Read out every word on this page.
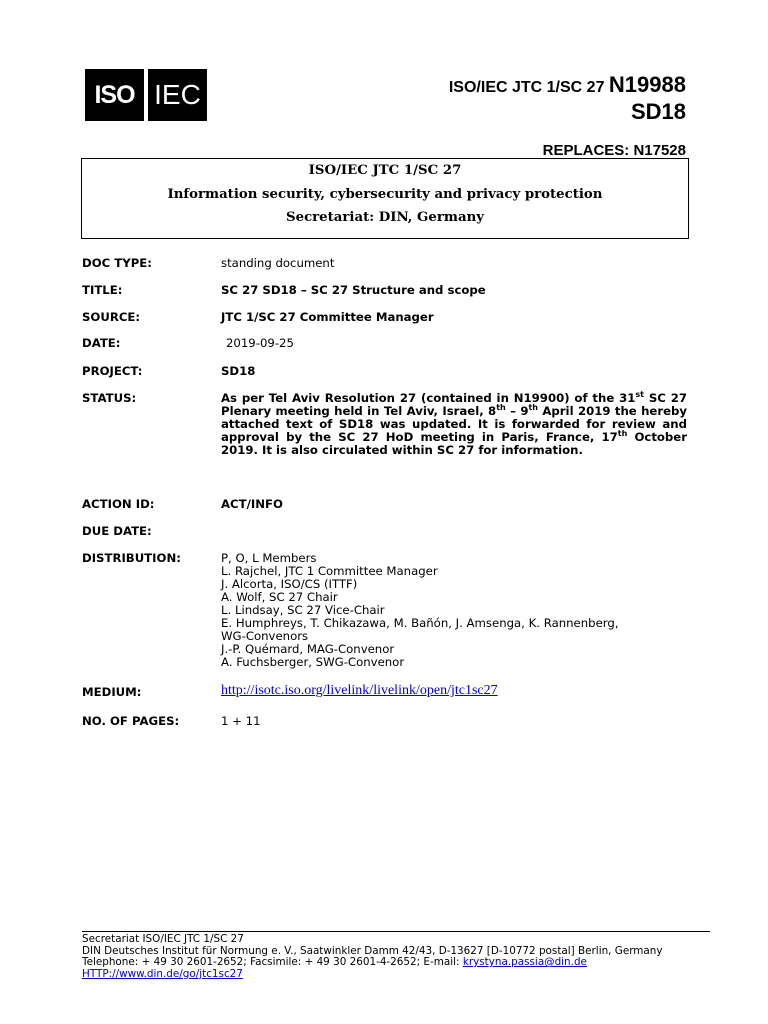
ISO IEC	ISO/IEC JTC 1/SC 27 N19988
SD18
REPLACES: N17528
ISO/IEC JTC 1/SC 27
Information security, cybersecurity and privacy protection
Secretariat: DIN, Germany
DOC TYPE:	standing document
TITLE:	SC 27 SD18 – SC 27 Structure and scope
SOURCE:	JTC 1/SC 27 Committee Manager
DATE:	2019-09-25
PROJECT:	SD18
STATUS:	As per Tel Aviv Resolution 27 (contained in N19900) of the 31st SC 27 Plenary meeting held in Tel Aviv, Israel, 8th – 9th April 2019 the hereby attached text of SD18 was updated. It is forwarded for review and approval by the SC 27 HoD meeting in Paris, France, 17th October 2019. It is also circulated within SC 27 for information.
ACTION ID:	ACT/INFO
DUE DATE:
DISTRIBUTION:	P, O, L Members
L. Rajchel, JTC 1 Committee Manager
J. Alcorta, ISO/CS (ITTF)
A. Wolf, SC 27 Chair
L. Lindsay, SC 27 Vice-Chair
E. Humphreys, T. Chikazawa, M. Bañón, J. Amsenga, K. Rannenberg,
WG-Convenors
J.-P. Quémard, MAG-Convenor
A. Fuchsberger, SWG-Convenor
MEDIUM:	http://isotc.iso.org/livelink/livelink/open/jtc1sc27
NO. OF PAGES:	1 + 11
Secretariat ISO/IEC JTC 1/SC 27
DIN Deutsches Institut für Normung e. V., Saatwinkler Damm 42/43, D-13627 [D-10772 postal] Berlin, Germany
Telephone: + 49 30 2601-2652; Facsimile: + 49 30 2601-4-2652; E-mail: krystyna.passia@din.de
HTTP://www.din.de/go/jtc1sc27
